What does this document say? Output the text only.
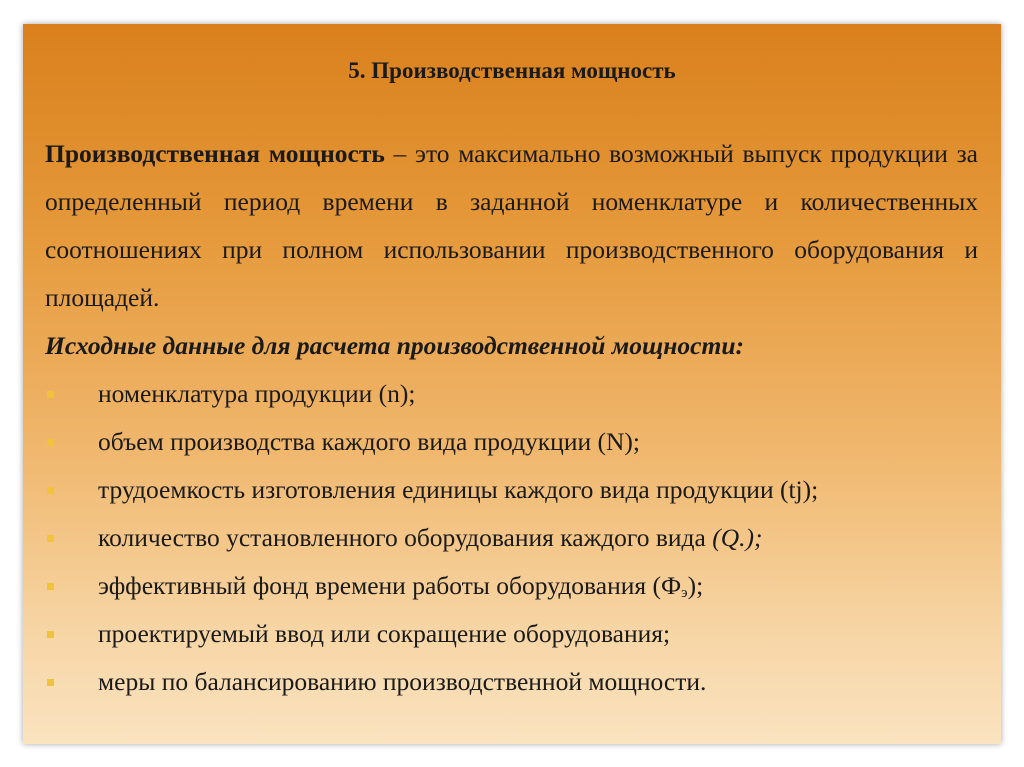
5. Производственная мощность

Производственная мощность – это максимально возможный выпуск продукции за определенный период времени в заданной номенклатуре и количественных соотношениях при полном использовании производственного оборудования и площадей.

Исходные данные для расчета производственной мощности:

номенклатура продукции (n);
объем производства каждого вида продукции (N);
трудоемкость изготовления единицы каждого вида продукции (tj);
количество установленного оборудования каждого вида (Q.);
эффективный фонд времени работы оборудования $(Ф_э)$;
проектируемый ввод или сокращение оборудования;
меры по балансированию производственной мощности.
